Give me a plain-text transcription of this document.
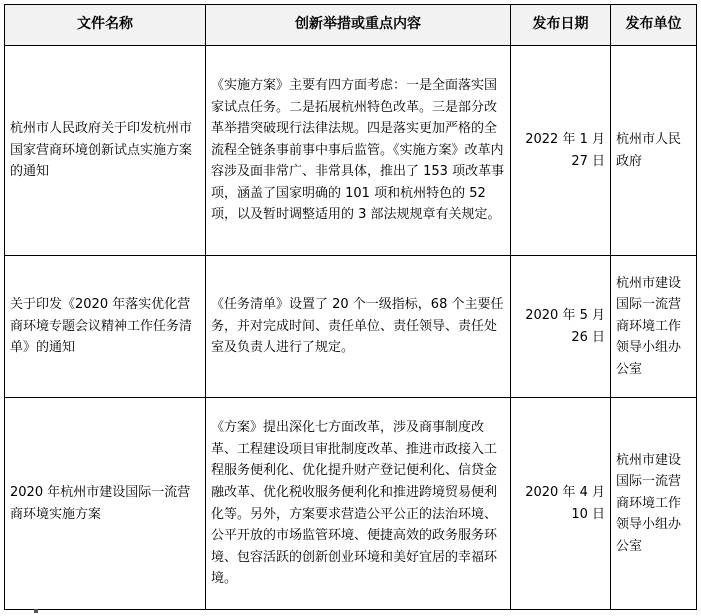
文件名称	创新举措或重点内容	发布日期	发布单位
杭州市人民政府关于印发杭州市国家营商环境创新试点实施方案的通知	《实施方案》主要有四方面考虑：一是全面落实国家试点任务。二是拓展杭州特色改革。三是部分改革举措突破现行法律法规。四是落实更加严格的全流程全链条事前事中事后监管。《实施方案》改革内容涉及面非常广、非常具体，推出了 153 项改革事项，涵盖了国家明确的 101 项和杭州特色的 52 项，以及暂时调整适用的 3 部法规规章有关规定。	2022 年 1 月 27 日	杭州市人民政府
关于印发《2020 年落实优化营商环境专题会议精神工作任务清单》的通知	《任务清单》设置了 20 个一级指标，68 个主要任务，并对完成时间、责任单位、责任领导、责任处室及负责人进行了规定。	2020 年 5 月 26 日	杭州市建设国际一流营商环境工作领导小组办公室
2020 年杭州市建设国际一流营商环境实施方案	《方案》提出深化七方面改革，涉及商事制度改革、工程建设项目审批制度改革、推进市政接入工程服务便利化、优化提升财产登记便利化、信贷金融改革、优化税收服务便利化和推进跨境贸易便利化等。另外，方案要求营造公平公正的法治环境、公平开放的市场监管环境、便捷高效的政务服务环境、包容活跃的创新创业环境和美好宜居的幸福环境。	2020 年 4 月 10 日	杭州市建设国际一流营商环境工作领导小组办公室
